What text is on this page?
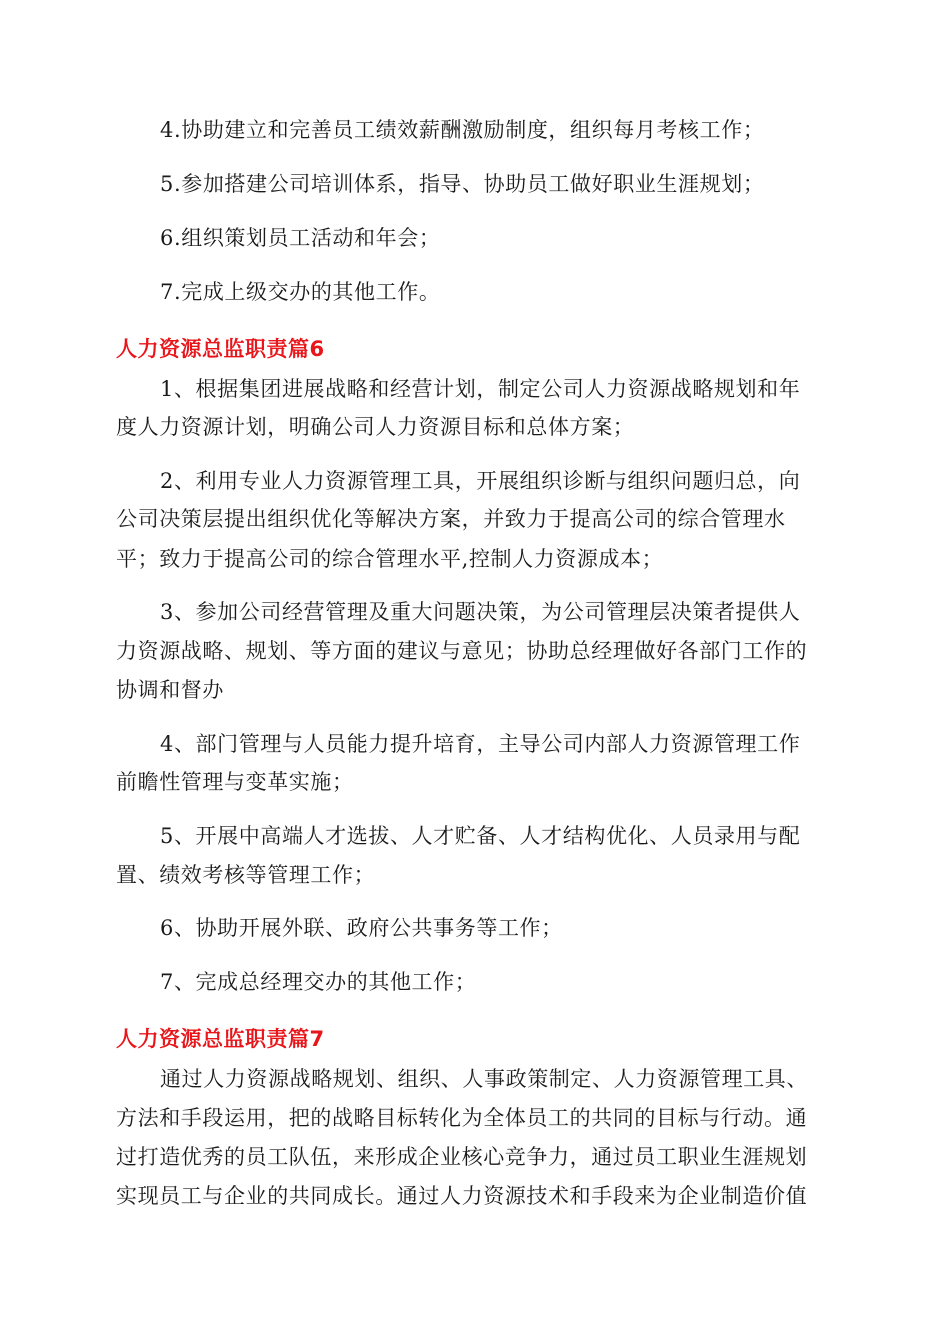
4.协助建立和完善员工绩效薪酬激励制度，组织每月考核工作；

5.参加搭建公司培训体系，指导、协助员工做好职业生涯规划；

6.组织策划员工活动和年会；

7.完成上级交办的其他工作。

人力资源总监职责篇6

1、根据集团进展战略和经营计划，制定公司人力资源战略规划和年

度人力资源计划，明确公司人力资源目标和总体方案；

2、利用专业人力资源管理工具，开展组织诊断与组织问题归总，向

公司决策层提出组织优化等解决方案，并致力于提高公司的综合管理水

平；致力于提高公司的综合管理水平,控制人力资源成本；

3、参加公司经营管理及重大问题决策，为公司管理层决策者提供人

力资源战略、规划、等方面的建议与意见；协助总经理做好各部门工作的

协调和督办

4、部门管理与人员能力提升培育，主导公司内部人力资源管理工作

前瞻性管理与变革实施；

5、开展中高端人才选拔、人才贮备、人才结构优化、人员录用与配

置、绩效考核等管理工作；

6、协助开展外联、政府公共事务等工作；

7、完成总经理交办的其他工作；

人力资源总监职责篇7

通过人力资源战略规划、组织、人事政策制定、人力资源管理工具、

方法和手段运用，把的战略目标转化为全体员工的共同的目标与行动。通

过打造优秀的员工队伍，来形成企业核心竞争力，通过员工职业生涯规划

实现员工与企业的共同成长。通过人力资源技术和手段来为企业制造价值
